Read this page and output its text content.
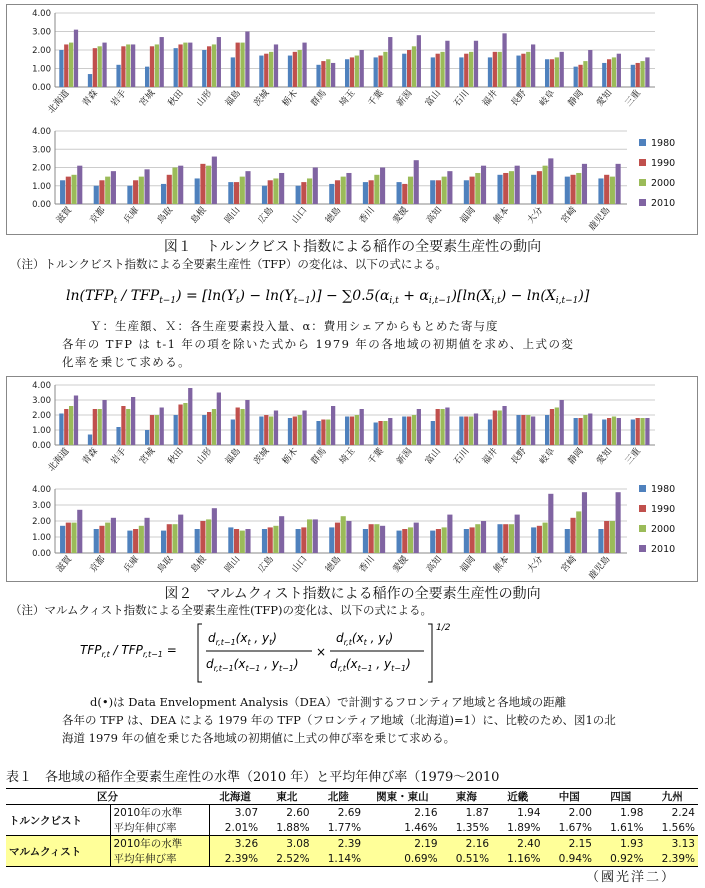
0.00
1.00
2.00
3.00
4.00
北海道 青森 岩手 宮城 秋田 山形 福島 茨城 栃木 群馬 埼玉 千葉 新潟 富山 石川 福井 長野 岐阜 静岡 愛知 三重
0.00
1.00
2.00
3.00
4.00
滋賀 京都 兵庫 鳥取 島根 岡山 広島 山口 徳島 香川 愛媛 高知 福岡 熊本 大分 宮崎 鹿児島
1980
1990
2000
2010
図１　トルンクビスト指数による稲作の全要素生産性の動向
（注）トルンクビスト指数による全要素生産性（TFP）の変化は、以下の式による。
$\ln(TFP_t / TFP_{t-1}) = [\ln(Y_t) - \ln(Y_{t-1})] - \sum 0.5(\alpha_{i,t} + \alpha_{i,t-1})[\ln(X_{i,t}) - \ln(X_{i,t-1})]$
Ｙ：生産額、Ｘ：各生産要素投入量、α：費用シェアからもとめた寄与度
各年の TFP は t-1 年の項を除いた式から 1979 年の各地域の初期値を求め、上式の変
化率を乗じて求める。
0.00
1.00
2.00
3.00
4.00
北海道 青森 岩手 宮城 秋田 山形 福島 茨城 栃木 群馬 埼玉 千葉 新潟 富山 石川 福井 長野 岐阜 静岡 愛知 三重
0.00
1.00
2.00
3.00
4.00
滋賀 京都 兵庫 鳥取 島根 岡山 広島 山口 徳島 香川 愛媛 高知 福岡 熊本 大分 宮崎 鹿児島
1980
1990
2000
2010
図２　マルムクィスト指数による稲作の全要素生産性の動向
（注）マルムクィスト指数による全要素生産性(TFP)の変化は、以下の式による。
$TFP_{r,t} / TFP_{r,t-1}$ =
$d_{r,t-1}(x_t$ , $y_t$)
$d_{r,t-1}(x_{t-1}$ , $y_{t-1}$)
×
$d_{r,t}(x_t$ , $y_t$)
$d_{r,t}(x_{t-1}$ , $y_{t-1}$)
1/2
d(•)は Data Envelopment Analysis（DEA）で計測するフロンティア地域と各地域の距離
各年の TFP は、DEA による 1979 年の TFP（フロンティア地域（北海道)=1）に、比較のため、図1の北
海道 1979 年の値を乗じた各地域の初期値に上式の伸び率を乗じて求める。
表１　各地域の稲作全要素生産性の水準（2010 年）と平均年伸び率（1979〜2010
区分		北海道	東北	北陸	関東・東山	東海	近畿	中国	四国	九州
トルンクビスト	2010年の水準	3.07	2.60	2.69	2.16	1.87	1.94	2.00	1.98	2.24
	平均年伸び率	2.01%	1.88%	1.77%	1.46%	1.35%	1.89%	1.67%	1.61%	1.56%
マルムクィスト	2010年の水準	3.26	3.08	2.39	2.19	2.16	2.40	2.15	1.93	3.13
	平均年伸び率	2.39%	2.52%	1.14%	0.69%	0.51%	1.16%	0.94%	0.92%	2.39%
（國光洋二）
